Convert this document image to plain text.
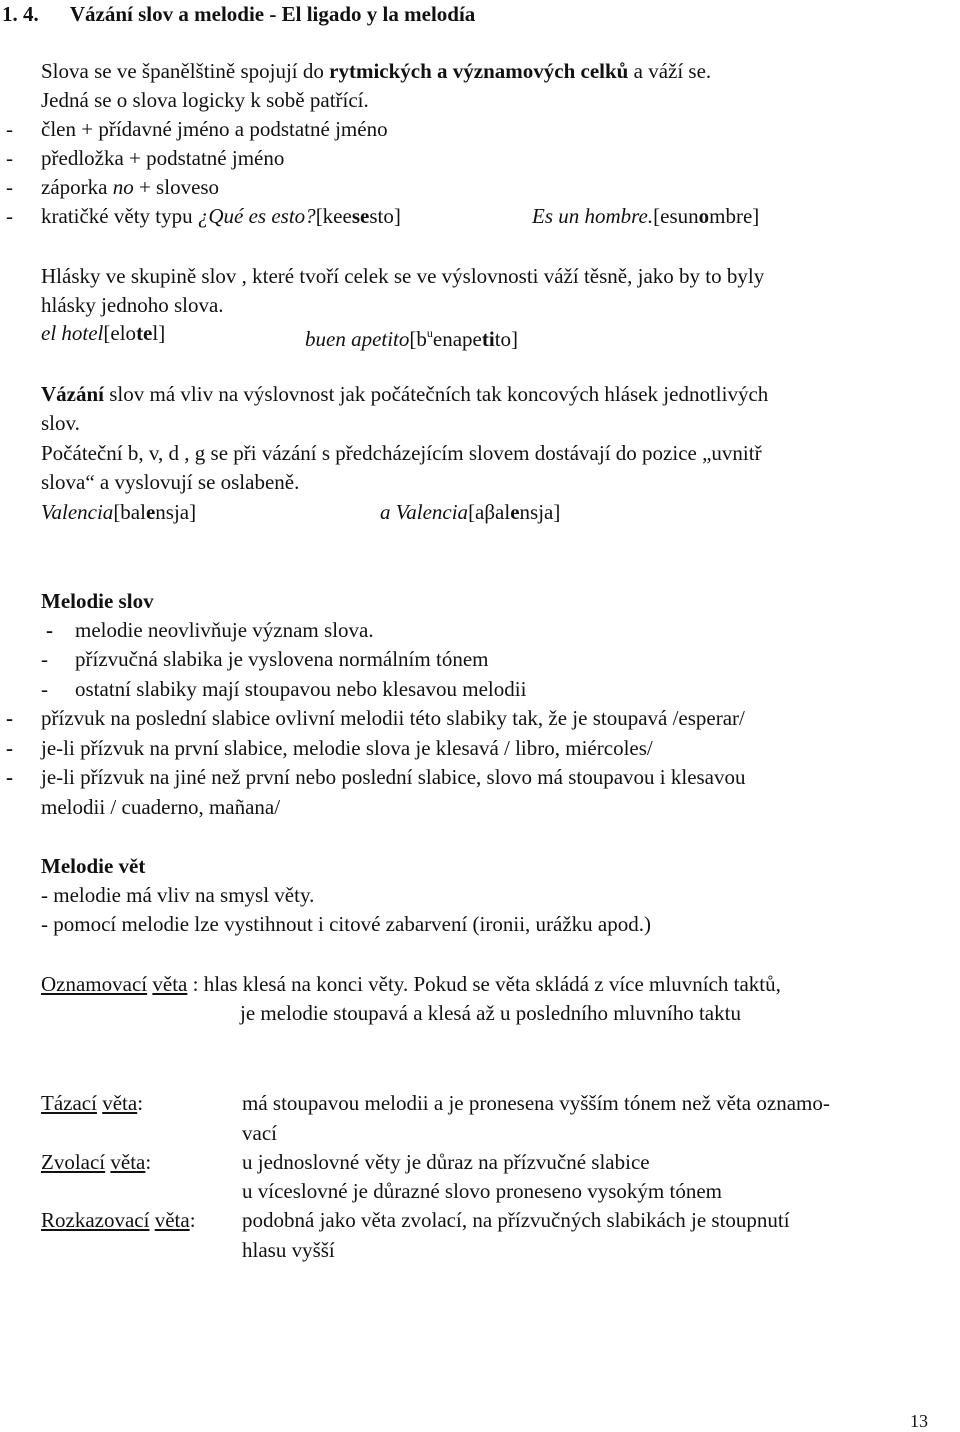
1. 4. Vázání slov a melodie - El ligado y la melodía
Slova se ve španělštině spojují do rytmických a významových celků a váží se.
Jedná se o slova logicky k sobě patřící.
- člen + přídavné jméno a podstatné jméno
- předložka + podstatné jméno
- záporka no + sloveso
- kratičké věty typu ¿Qué es esto?[keesesto]	Es un hombre.[esunombre]
Hlásky ve skupině slov , které tvoří celek se ve výslovnosti váží těsně, jako by to byly
hlásky jednoho slova.
el hotel[elotel]	buen $apetito[b^uenapetito]$
Vázání slov má vliv na výslovnost jak počátečních tak koncových hlásek jednotlivých
slov.
Počáteční b, v, d , g se při vázání s předcházejícím slovem dostávají do pozice „uvnitř
slova“ a vyslovují se oslabeně.
Valencia[balensja]	a Valencia[aβalensja]
Melodie slov
- melodie neovlivňuje význam slova.
- přízvučná slabika je vyslovena normálním tónem
- ostatní slabiky mají stoupavou nebo klesavou melodii
- přízvuk na poslední slabice ovlivní melodii této slabiky tak, že je stoupavá /esperar/
- je-li přízvuk na první slabice, melodie slova je klesavá / libro, miércoles/
- je-li přízvuk na jiné než první nebo poslední slabice, slovo má stoupavou i klesavou
melodii / cuaderno, mañana/
Melodie vět
- melodie má vliv na smysl věty.
- pomocí melodie lze vystihnout i citové zabarvení (ironii, urážku apod.)
Oznamovací věta : hlas klesá na konci věty. Pokud se věta skládá z více mluvních taktů,
je melodie stoupavá a klesá až u posledního mluvního taktu
Tázací věta:	má stoupavou melodii a je pronesena vyšším tónem než věta oznamo-
vací
Zvolací věta:	u jednoslovné věty je důraz na přízvučné slabice
u víceslovné je důrazné slovo proneseno vysokým tónem
Rozkazovací věta: podobná jako věta zvolací, na přízvučných slabikách je stoupnutí
hlasu vyšší
13
